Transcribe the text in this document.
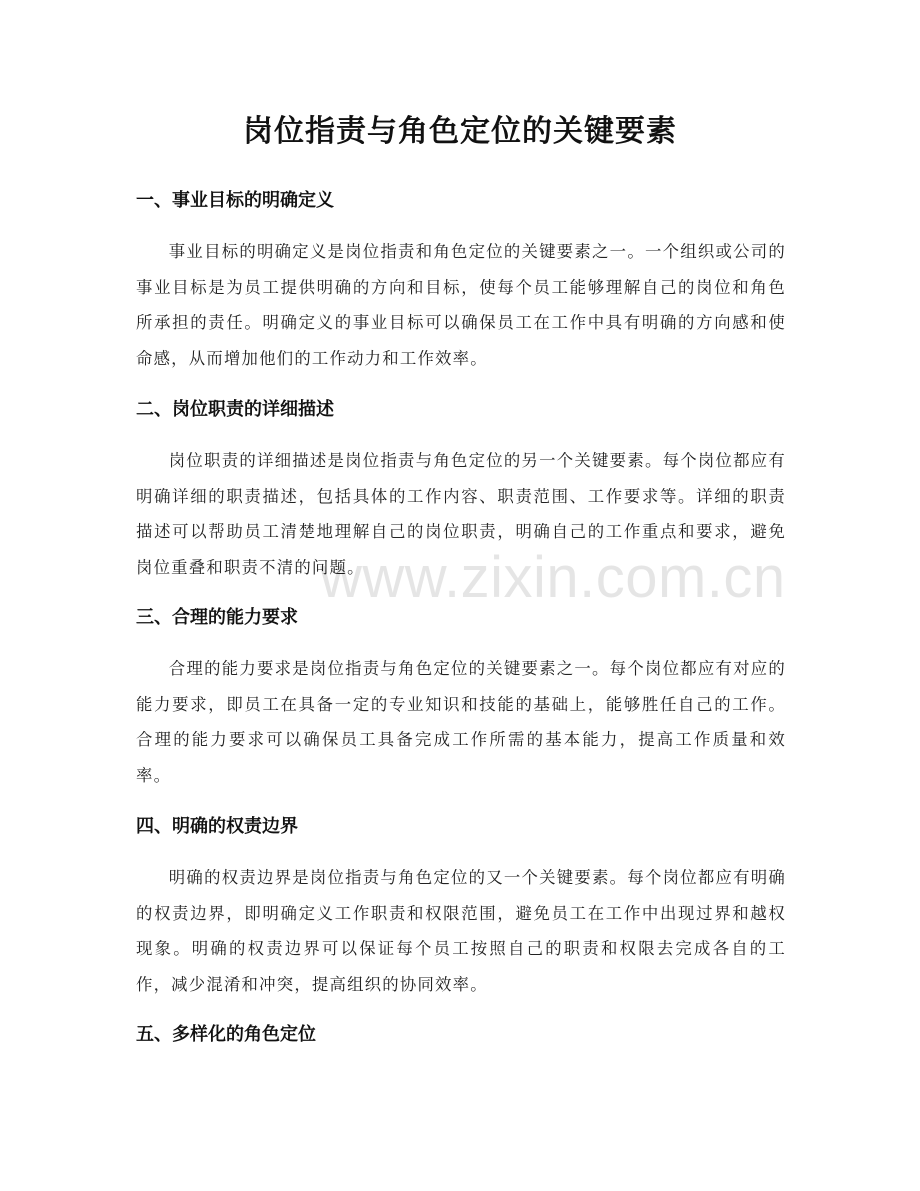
岗位指责与角色定位的关键要素
一、事业目标的明确定义

事业目标的明确定义是岗位指责和角色定位的关键要素之一。一个组织或公司的事业目标是为员工提供明确的方向和目标，使每个员工能够理解自己的岗位和角色所承担的责任。明确定义的事业目标可以确保员工在工作中具有明确的方向感和使命感，从而增加他们的工作动力和工作效率。

二、岗位职责的详细描述

岗位职责的详细描述是岗位指责与角色定位的另一个关键要素。每个岗位都应有明确详细的职责描述，包括具体的工作内容、职责范围、工作要求等。详细的职责描述可以帮助员工清楚地理解自己的岗位职责，明确自己的工作重点和要求，避免岗位重叠和职责不清的问题。

三、合理的能力要求

合理的能力要求是岗位指责与角色定位的关键要素之一。每个岗位都应有对应的能力要求，即员工在具备一定的专业知识和技能的基础上，能够胜任自己的工作。合理的能力要求可以确保员工具备完成工作所需的基本能力，提高工作质量和效率。

四、明确的权责边界

明确的权责边界是岗位指责与角色定位的又一个关键要素。每个岗位都应有明确的权责边界，即明确定义工作职责和权限范围，避免员工在工作中出现过界和越权现象。明确的权责边界可以保证每个员工按照自己的职责和权限去完成各自的工作，减少混淆和冲突，提高组织的协同效率。

五、多样化的角色定位
www.zixin.com.cn
